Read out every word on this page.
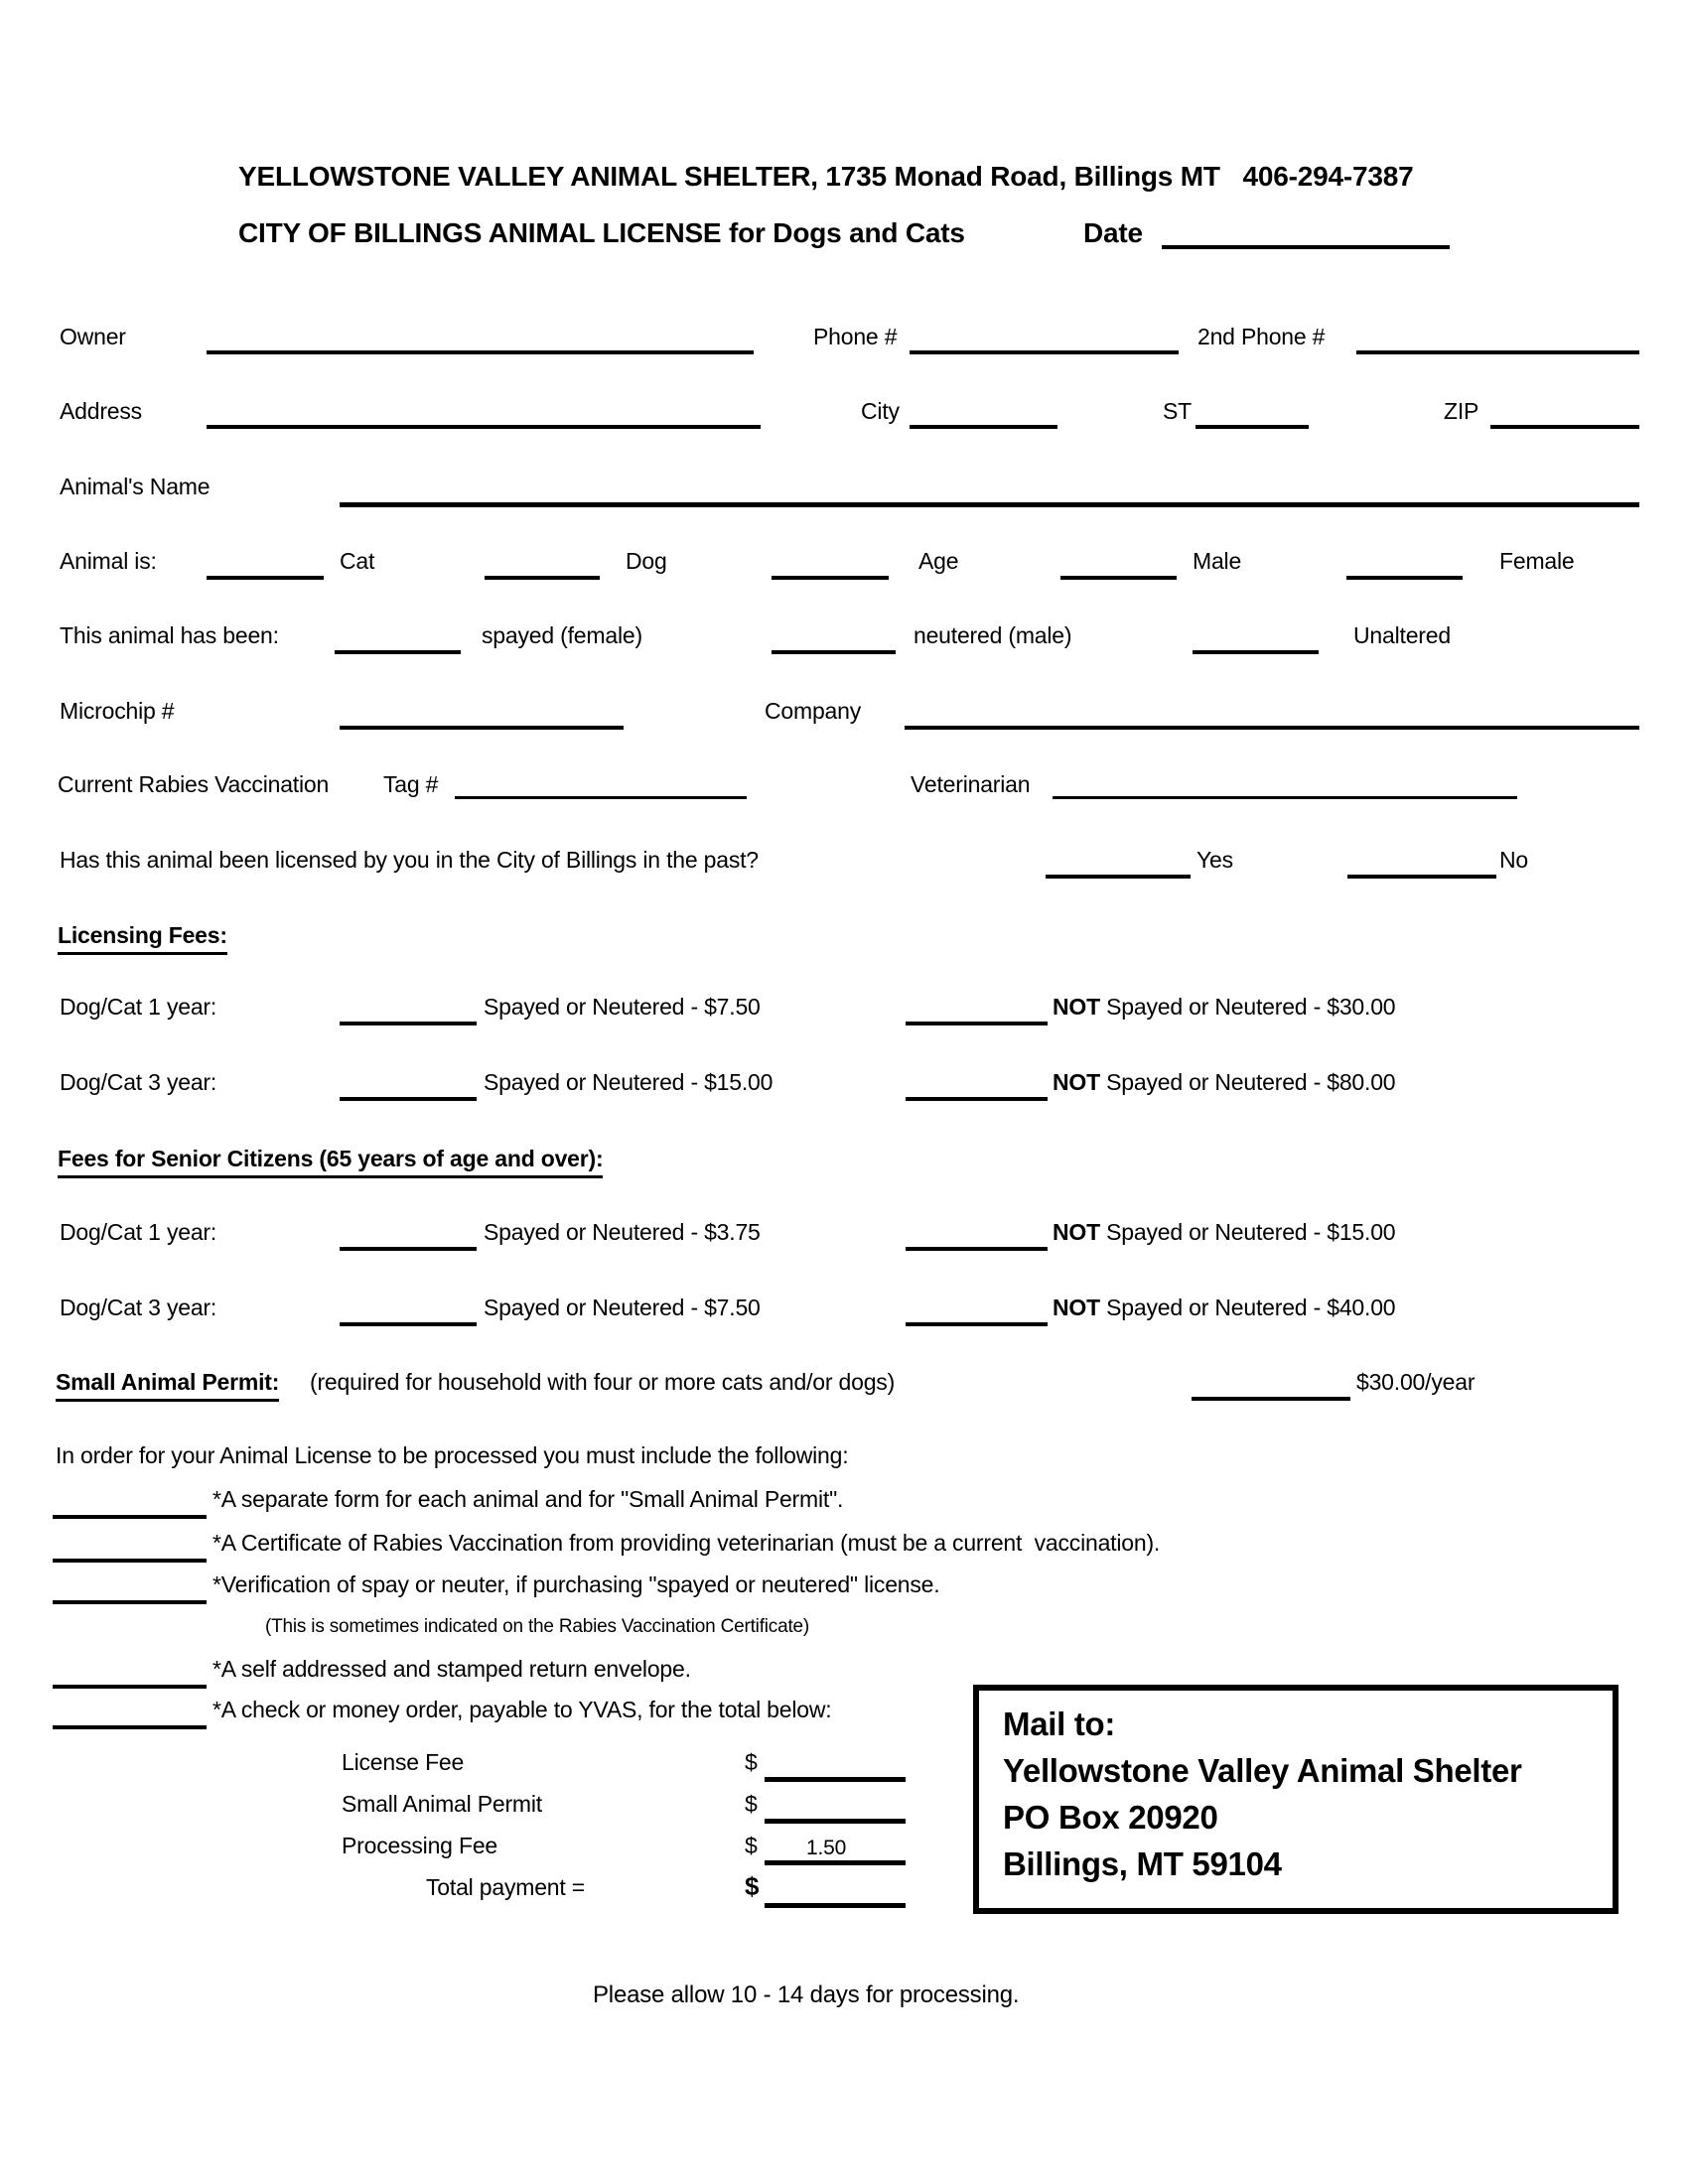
YELLOWSTONE VALLEY ANIMAL SHELTER, 1735 Monad Road, Billings MT   406-294-7387
CITY OF BILLINGS ANIMAL LICENSE for Dogs and Cats	Date
Owner	Phone #	2nd Phone #
Address	City	ST	ZIP
Animal's Name
Animal is:	Cat	Dog	Age	Male	Female
This animal has been:	spayed (female)	neutered (male)	Unaltered
Microchip #	Company
Current Rabies Vaccination Tag #	Veterinarian
Has this animal been licensed by you in the City of Billings in the past?	Yes	No
Licensing Fees:
Dog/Cat 1 year:	Spayed or Neutered - $7.50	NOT Spayed or Neutered - $30.00
Dog/Cat 3 year:	Spayed or Neutered - $15.00	NOT Spayed or Neutered - $80.00
Fees for Senior Citizens (65 years of age and over):
Dog/Cat 1 year:	Spayed or Neutered - $3.75	NOT Spayed or Neutered - $15.00
Dog/Cat 3 year:	Spayed or Neutered - $7.50	NOT Spayed or Neutered - $40.00
Small Animal Permit: (required for household with four or more cats and/or dogs)	$30.00/year
In order for your Animal License to be processed you must include the following:
*A separate form for each animal and for "Small Animal Permit".
*A Certificate of Rabies Vaccination from providing veterinarian (must be a current  vaccination).
*Verification of spay or neuter, if purchasing "spayed or neutered" license.
(This is sometimes indicated on the Rabies Vaccination Certificate)
*A self addressed and stamped return envelope.
*A check or money order, payable to YVAS, for the total below:
License Fee	$
Small Animal Permit	$
Processing Fee	$ 1.50
Total payment =	$
Mail to:
Yellowstone Valley Animal Shelter
PO Box 20920
Billings, MT 59104
Please allow 10 - 14 days for processing.
